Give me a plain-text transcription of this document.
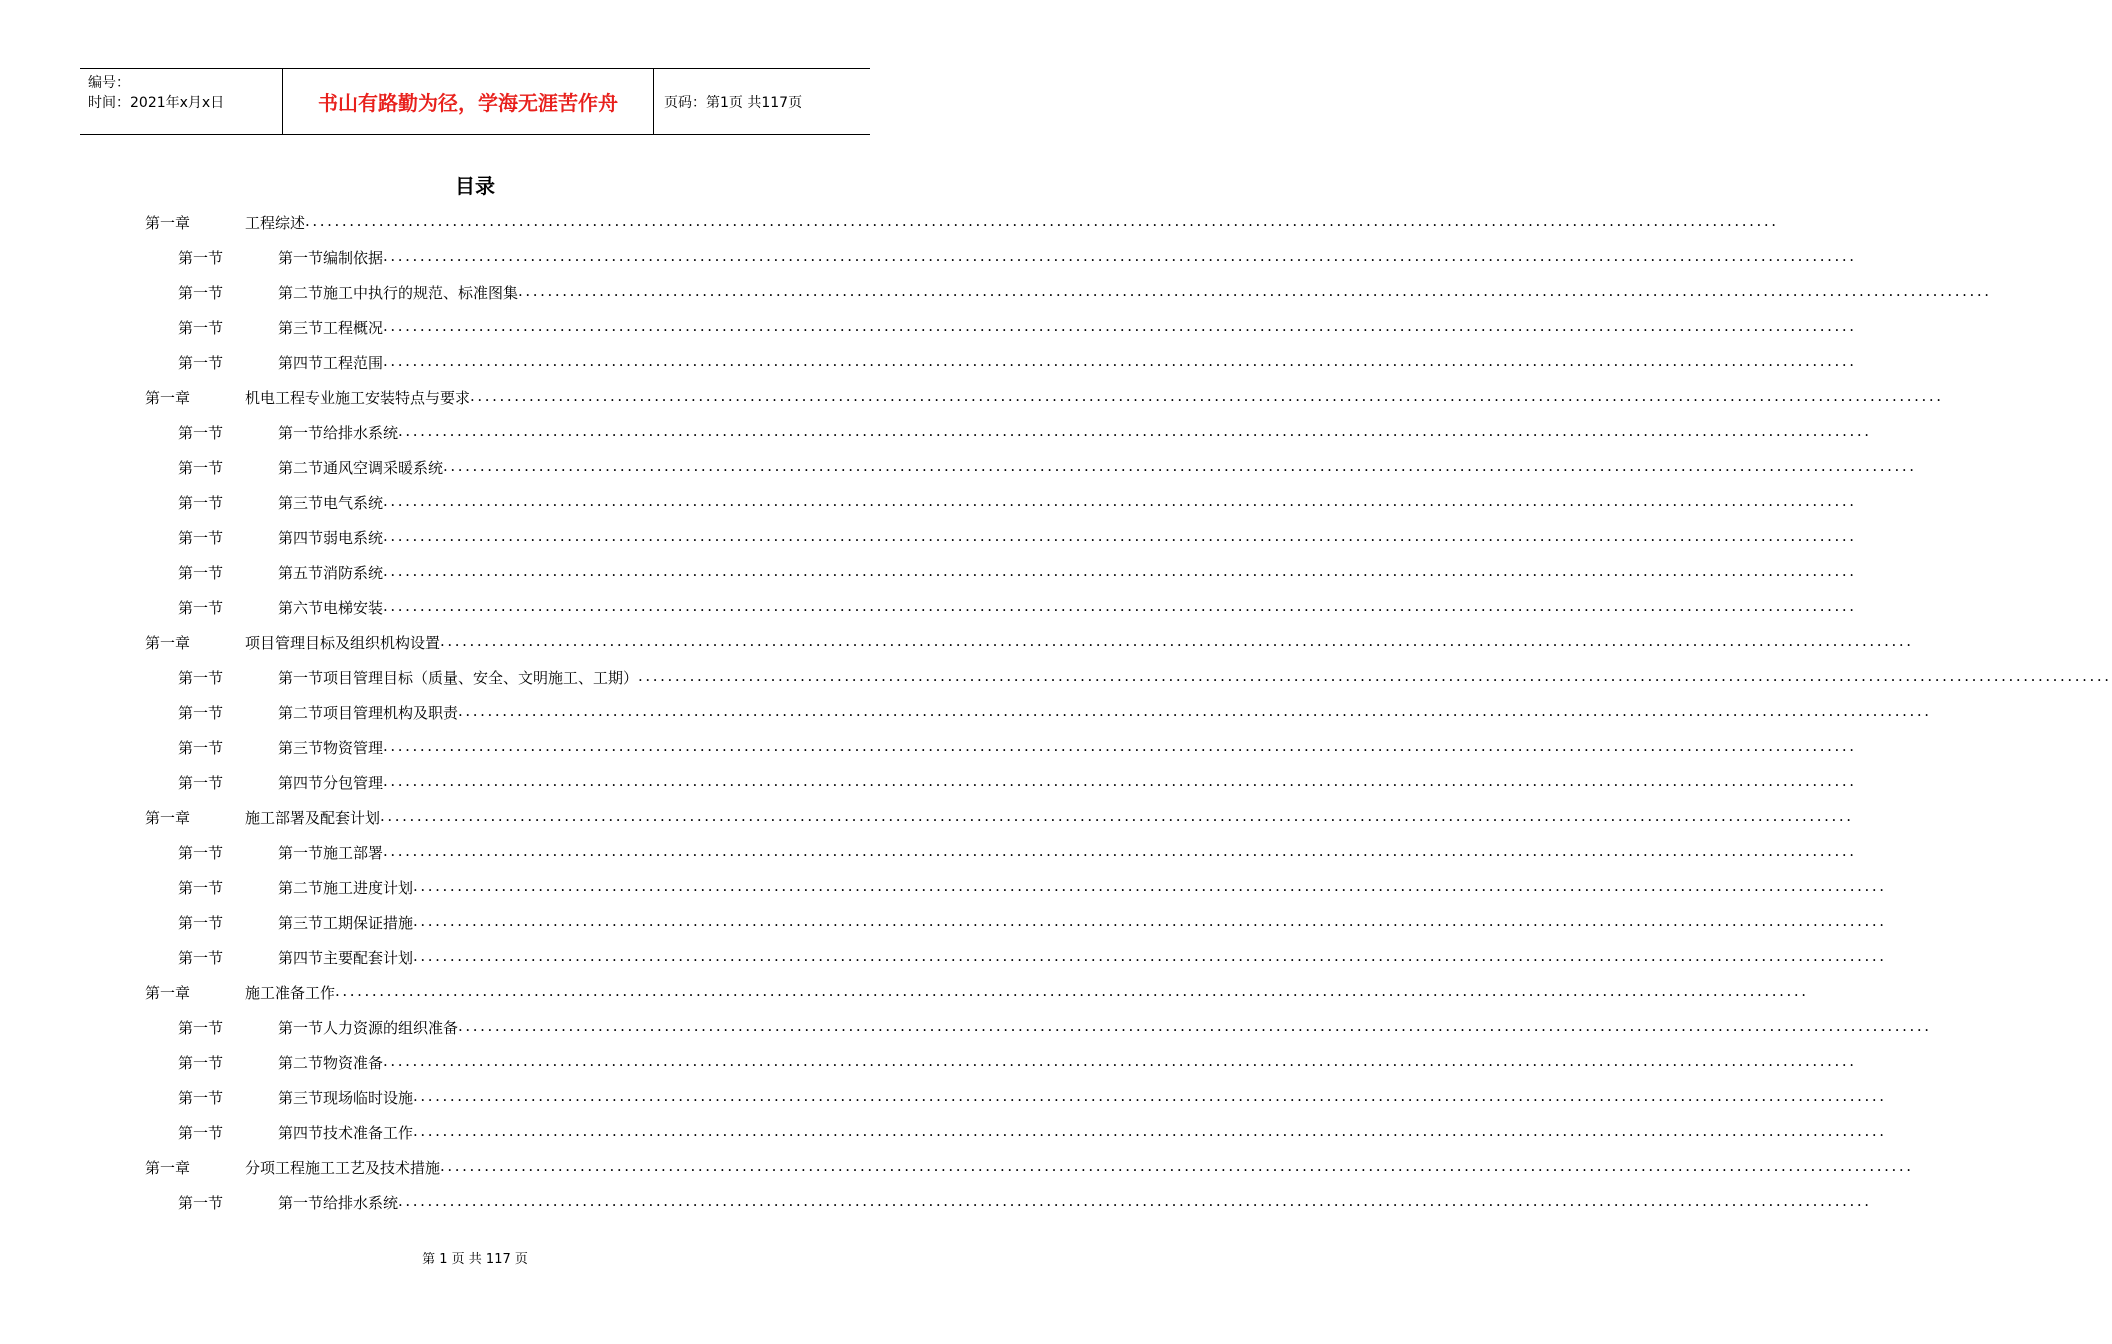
编号：
时间：2021年x月x日	书山有路勤为径，学海无涯苦作舟	页码：第1页 共117页
目录
第一章	工程综述 ........................................................................................................................................................................................................
第一节	第一节编制依据 ........................................................................................................................................................................................................
第一节	第二节施工中执行的规范、标准图集 ........................................................................................................................................................................................................
第一节	第三节工程概况 ........................................................................................................................................................................................................
第一节	第四节工程范围 ........................................................................................................................................................................................................
第一章	机电工程专业施工安装特点与要求 ........................................................................................................................................................................................................
第一节	第一节给排水系统 ........................................................................................................................................................................................................
第一节	第二节通风空调采暖系统 ........................................................................................................................................................................................................
第一节	第三节电气系统 ........................................................................................................................................................................................................
第一节	第四节弱电系统 ........................................................................................................................................................................................................
第一节	第五节消防系统 ........................................................................................................................................................................................................
第一节	第六节电梯安装 ........................................................................................................................................................................................................
第一章	项目管理目标及组织机构设置 ........................................................................................................................................................................................................
第一节	第一节项目管理目标（质量、安全、文明施工、工期） ........................................................................................................................................................................................................
第一节	第二节项目管理机构及职责 ........................................................................................................................................................................................................
第一节	第三节物资管理 ........................................................................................................................................................................................................
第一节	第四节分包管理 ........................................................................................................................................................................................................
第一章	施工部署及配套计划 ........................................................................................................................................................................................................
第一节	第一节施工部署 ........................................................................................................................................................................................................
第一节	第二节施工进度计划 ........................................................................................................................................................................................................
第一节	第三节工期保证措施 ........................................................................................................................................................................................................
第一节	第四节主要配套计划 ........................................................................................................................................................................................................
第一章	施工准备工作 ........................................................................................................................................................................................................
第一节	第一节人力资源的组织准备 ........................................................................................................................................................................................................
第一节	第二节物资准备 ........................................................................................................................................................................................................
第一节	第三节现场临时设施 ........................................................................................................................................................................................................
第一节	第四节技术准备工作 ........................................................................................................................................................................................................
第一章	分项工程施工工艺及技术措施 ........................................................................................................................................................................................................
第一节	第一节给排水系统 ........................................................................................................................................................................................................
第 1 页 共 117 页
